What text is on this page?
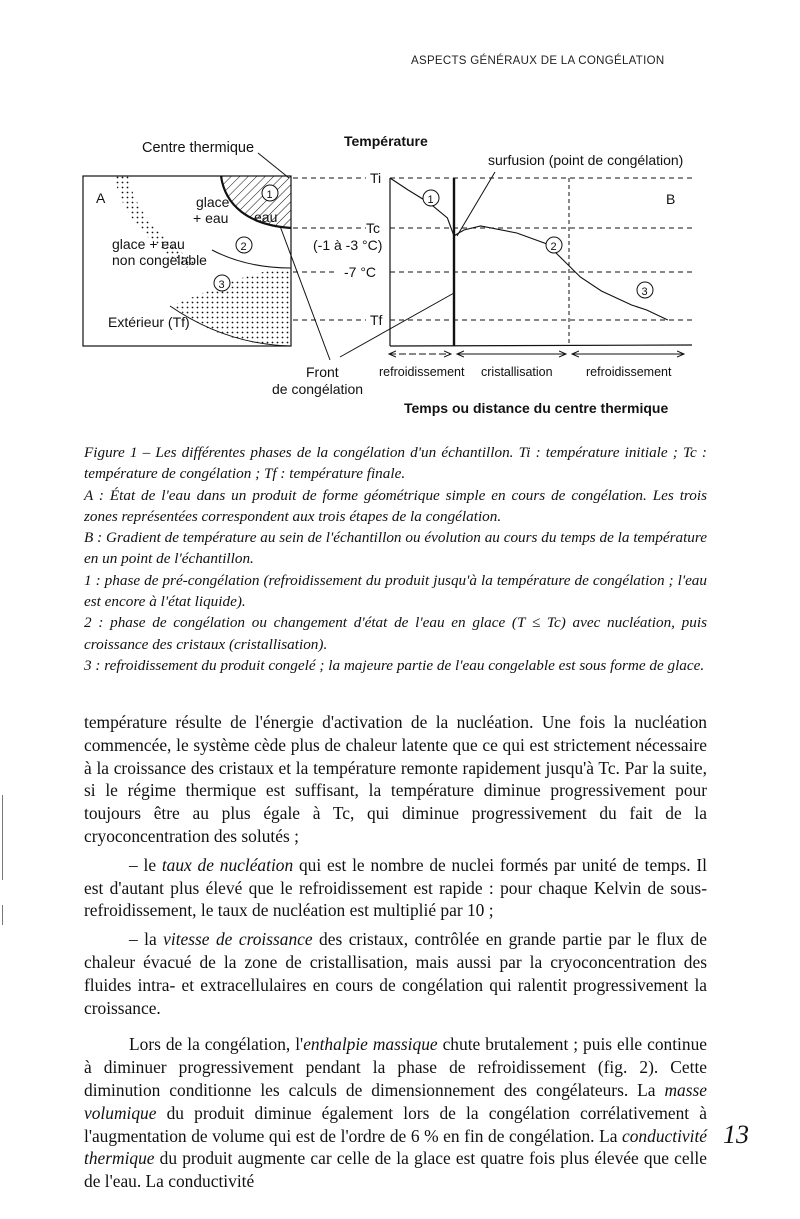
ASPECTS GÉNÉRAUX DE LA CONGÉLATION
A
Centre thermique
glace
+ eau eau
glace + eau
non congelable
Extérieur (Tf)
1
2
3
Front
de congélation
Température
Ti
Tc
(-1 à -3 °C)
-7 °C
Tf
surfusion (point de congélation)
B
1
2
3
refroidissement cristallisation	refroidissement
Temps ou distance du centre thermique

Figure 1 – Les différentes phases de la congélation d'un échantillon. Ti : température initiale ; Tc : température de congélation ; Tf : température finale.

A : État de l'eau dans un produit de forme géométrique simple en cours de congélation. Les trois zones représentées correspondent aux trois étapes de la congélation.

B : Gradient de température au sein de l'échantillon ou évolution au cours du temps de la température en un point de l'échantillon.

1 : phase de pré-congélation (refroidissement du produit jusqu'à la température de congélation ; l'eau est encore à l'état liquide).

2 : phase de congélation ou changement d'état de l'eau en glace (T ≤ Tc) avec nucléation, puis croissance des cristaux (cristallisation).

3 : refroidissement du produit congelé ; la majeure partie de l'eau congelable est sous forme de glace.

température résulte de l'énergie d'activation de la nucléation. Une fois la nucléation commencée, le système cède plus de chaleur latente que ce qui est strictement nécessaire à la croissance des cristaux et la température remonte rapidement jusqu'à Tc. Par la suite, si le régime thermique est suffisant, la température diminue progressivement pour toujours être au plus égale à Tc, qui diminue progressivement du fait de la cryoconcentration des solutés ;

– le taux de nucléation qui est le nombre de nuclei formés par unité de temps. Il est d'autant plus élevé que le refroidissement est rapide : pour chaque Kelvin de sous-refroidissement, le taux de nucléation est multiplié par 10 ;

– la vitesse de croissance des cristaux, contrôlée en grande partie par le flux de chaleur évacué de la zone de cristallisation, mais aussi par la cryoconcentration des fluides intra- et extracellulaires en cours de congélation qui ralentit progressivement la croissance.

Lors de la congélation, l'enthalpie massique chute brutalement ; puis elle continue à diminuer progressivement pendant la phase de refroidissement (fig. 2). Cette diminution conditionne les calculs de dimensionnement des congélateurs. La masse volumique du produit diminue également lors de la congélation corrélativement à l'augmentation de volume qui est de l'ordre de 6 % en fin de congélation. La conductivité thermique du produit augmente car celle de la glace est quatre fois plus élevée que celle de l'eau. La conductivité

13
